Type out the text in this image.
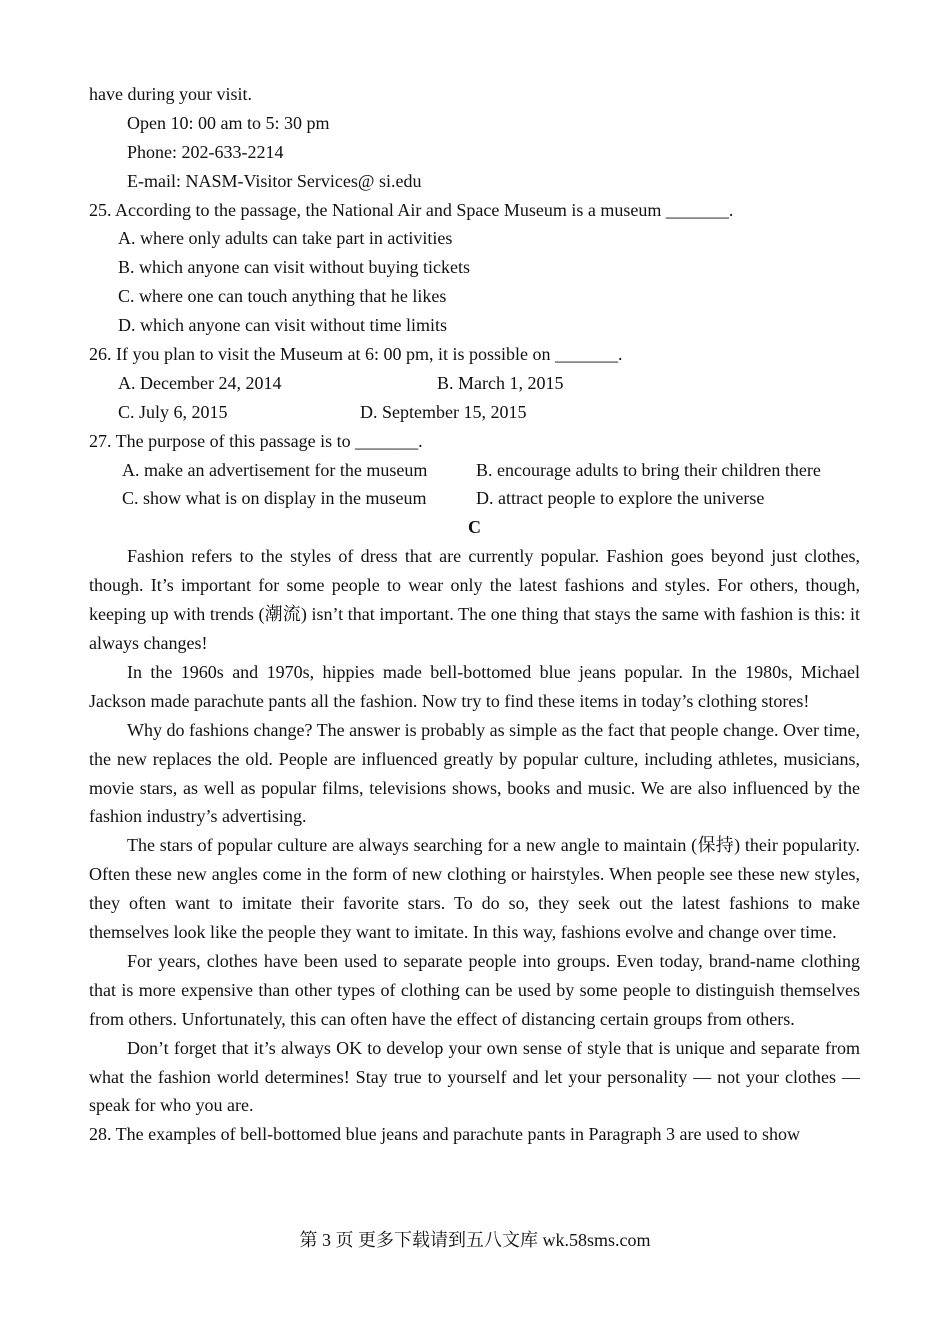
have during your visit.
Open 10: 00 am to 5: 30 pm
Phone: 202-633-2214
E-mail: NASM-Visitor Services@ si.edu
25. According to the passage, the National Air and Space Museum is a museum _______.
A. where only adults can take part in activities
B. which anyone can visit without buying tickets
C. where one can touch anything that he likes
D. which anyone can visit without time limits
26. If you plan to visit the Museum at 6: 00 pm, it is possible on _______.
A. December 24, 2014	B. March 1, 2015
C. July 6, 2015	D. September 15, 2015
27. The purpose of this passage is to _______.
A. make an advertisement for the museum	B. encourage adults to bring their children there
C. show what is on display in the museum	D. attract people to explore the universe
C

Fashion refers to the styles of dress that are currently popular. Fashion goes beyond just clothes, though. It’s important for some people to wear only the latest fashions and styles. For others, though, keeping up with trends (潮流) isn’t that important. The one thing that stays the same with fashion is this: it always changes!

In the 1960s and 1970s, hippies made bell-bottomed blue jeans popular. In the 1980s, Michael Jackson made parachute pants all the fashion. Now try to find these items in today’s clothing stores!

Why do fashions change? The answer is probably as simple as the fact that people change. Over time, the new replaces the old. People are influenced greatly by popular culture, including athletes, musicians, movie stars, as well as popular films, televisions shows, books and music. We are also influenced by the fashion industry’s advertising.

The stars of popular culture are always searching for a new angle to maintain (保持) their popularity. Often these new angles come in the form of new clothing or hairstyles. When people see these new styles, they often want to imitate their favorite stars. To do so, they seek out the latest fashions to make themselves look like the people they want to imitate. In this way, fashions evolve and change over time.

For years, clothes have been used to separate people into groups. Even today, brand-name clothing that is more expensive than other types of clothing can be used by some people to distinguish themselves from others. Unfortunately, this can often have the effect of distancing certain groups from others.

Don’t forget that it’s always OK to develop your own sense of style that is unique and separate from what the fashion world determines! Stay true to yourself and let your personality — not your clothes — speak for who you are.

28. The examples of bell-bottomed blue jeans and parachute pants in Paragraph 3 are used to show
第 3 页 更多下载请到五八文库 wk.58sms.com
